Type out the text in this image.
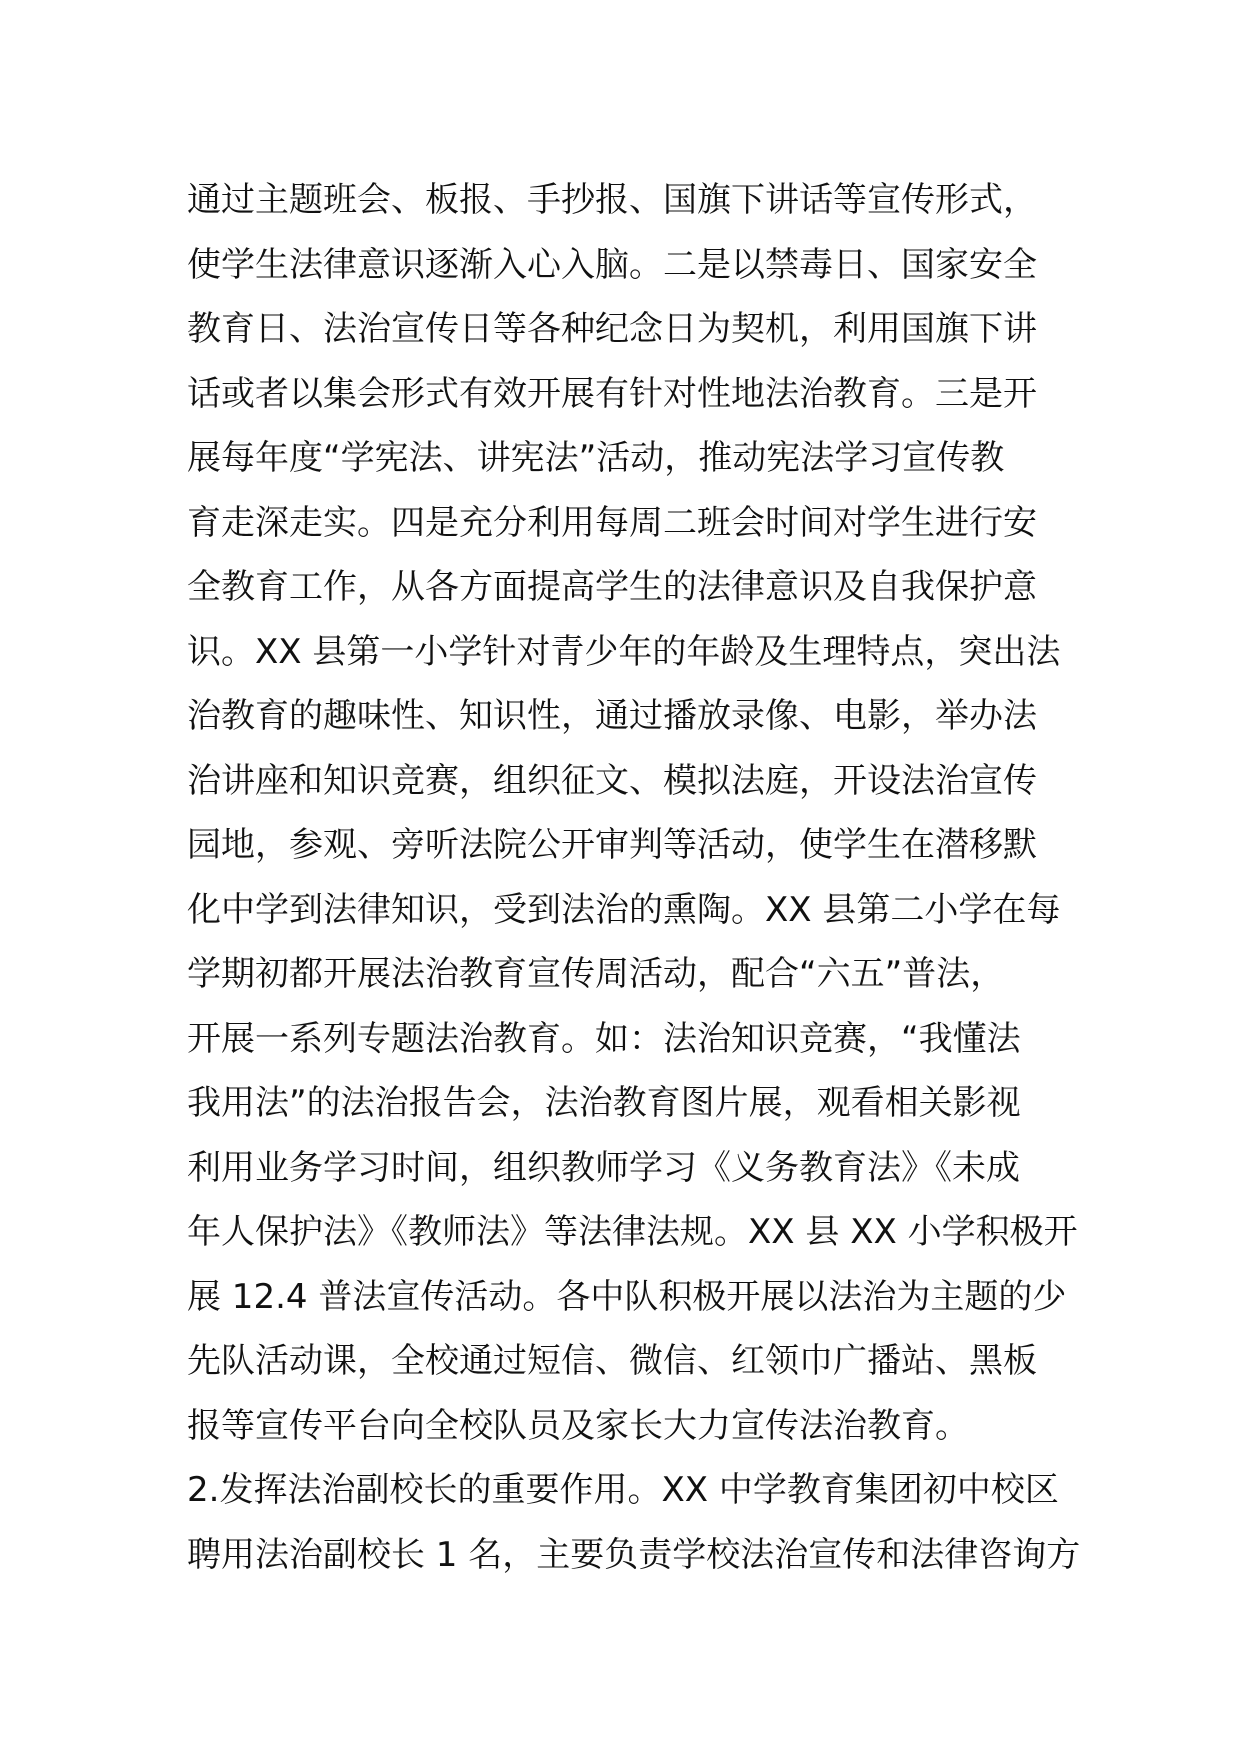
通过主题班会、板报、手抄报、国旗下讲话等宣传形式，
使学生法律意识逐渐入心入脑。二是以禁毒日、国家安全
教育日、法治宣传日等各种纪念日为契机，利用国旗下讲
话或者以集会形式有效开展有针对性地法治教育。三是开
展每年度“学宪法、讲宪法”活动，推动宪法学习宣传教
育走深走实。四是充分利用每周二班会时间对学生进行安
全教育工作，从各方面提高学生的法律意识及自我保护意
识。XX 县第一小学针对青少年的年龄及生理特点，突出法
治教育的趣味性、知识性，通过播放录像、电影，举办法
治讲座和知识竞赛，组织征文、模拟法庭，开设法治宣传
园地，参观、旁听法院公开审判等活动，使学生在潜移默
化中学到法律知识，受到法治的熏陶。XX 县第二小学在每
学期初都开展法治教育宣传周活动，配合“六五”普法，
开展一系列专题法治教育。如：法治知识竞赛，“我懂法
我用法”的法治报告会，法治教育图片展，观看相关影视
利用业务学习时间，组织教师学习《义务教育法》《未成
年人保护法》《教师法》等法律法规。XX 县 XX 小学积极开
展 12.4 普法宣传活动。各中队积极开展以法治为主题的少
先队活动课，全校通过短信、微信、红领巾广播站、黑板
报等宣传平台向全校队员及家长大力宣传法治教育。
2.发挥法治副校长的重要作用。XX 中学教育集团初中校区
聘用法治副校长 1 名，主要负责学校法治宣传和法律咨询方
